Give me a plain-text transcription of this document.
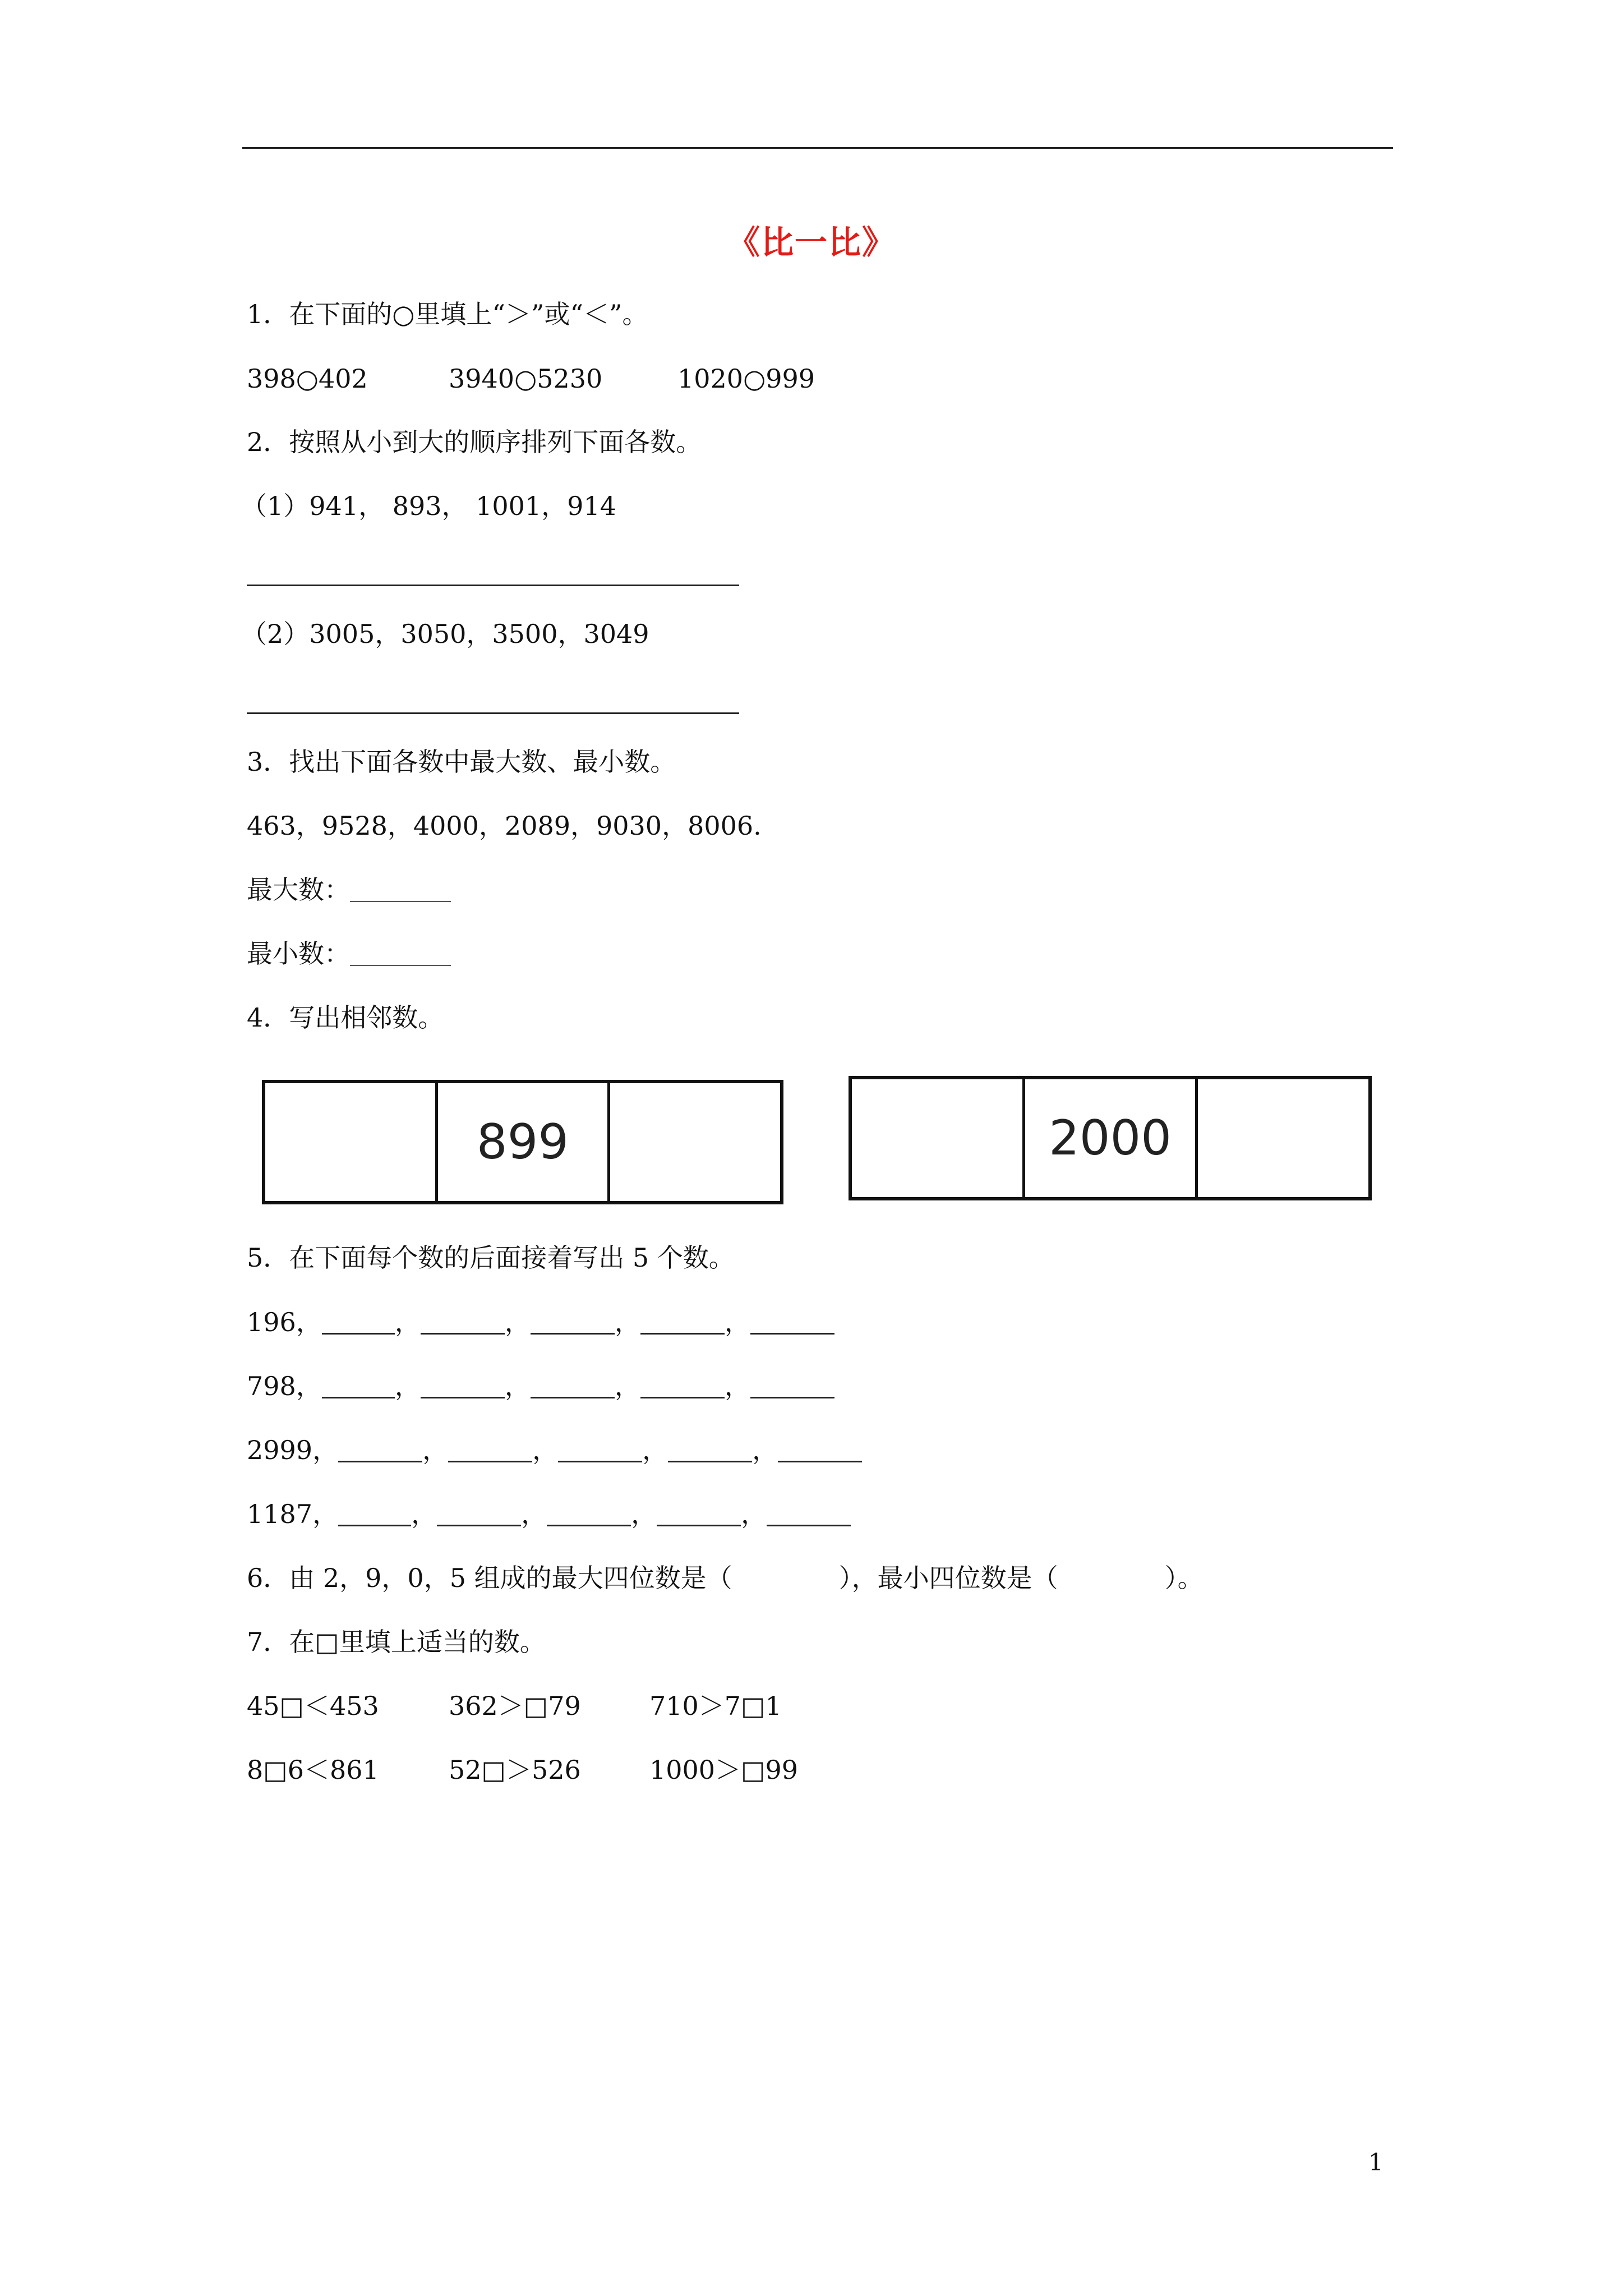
《比一比》
1．在下面的○里填上“＞”或“＜”。
398○402	3940○5230	1020○999
2．按照从小到大的顺序排列下面各数。
（1）941， 893， 1001，914
（2）3005，3050，3500，3049
3．找出下面各数中最大数、最小数。
463，9528，4000，2089，9030，8006.
最大数：
最小数：
4．写出相邻数。
899	2000
5．在下面每个数的后面接着写出 5 个数。
196，	，	，	，	，
798，	，	，	，	，
2999，	，	，	，	，
1187，	，	，	，	，
6．由 2，9，0，5 组成的最大四位数是（	），最小四位数是（	）。
7．在□里填上适当的数。
45□＜453	362＞□79	710＞7□1
8□6＜861	52□＞526	1000＞□99
1
